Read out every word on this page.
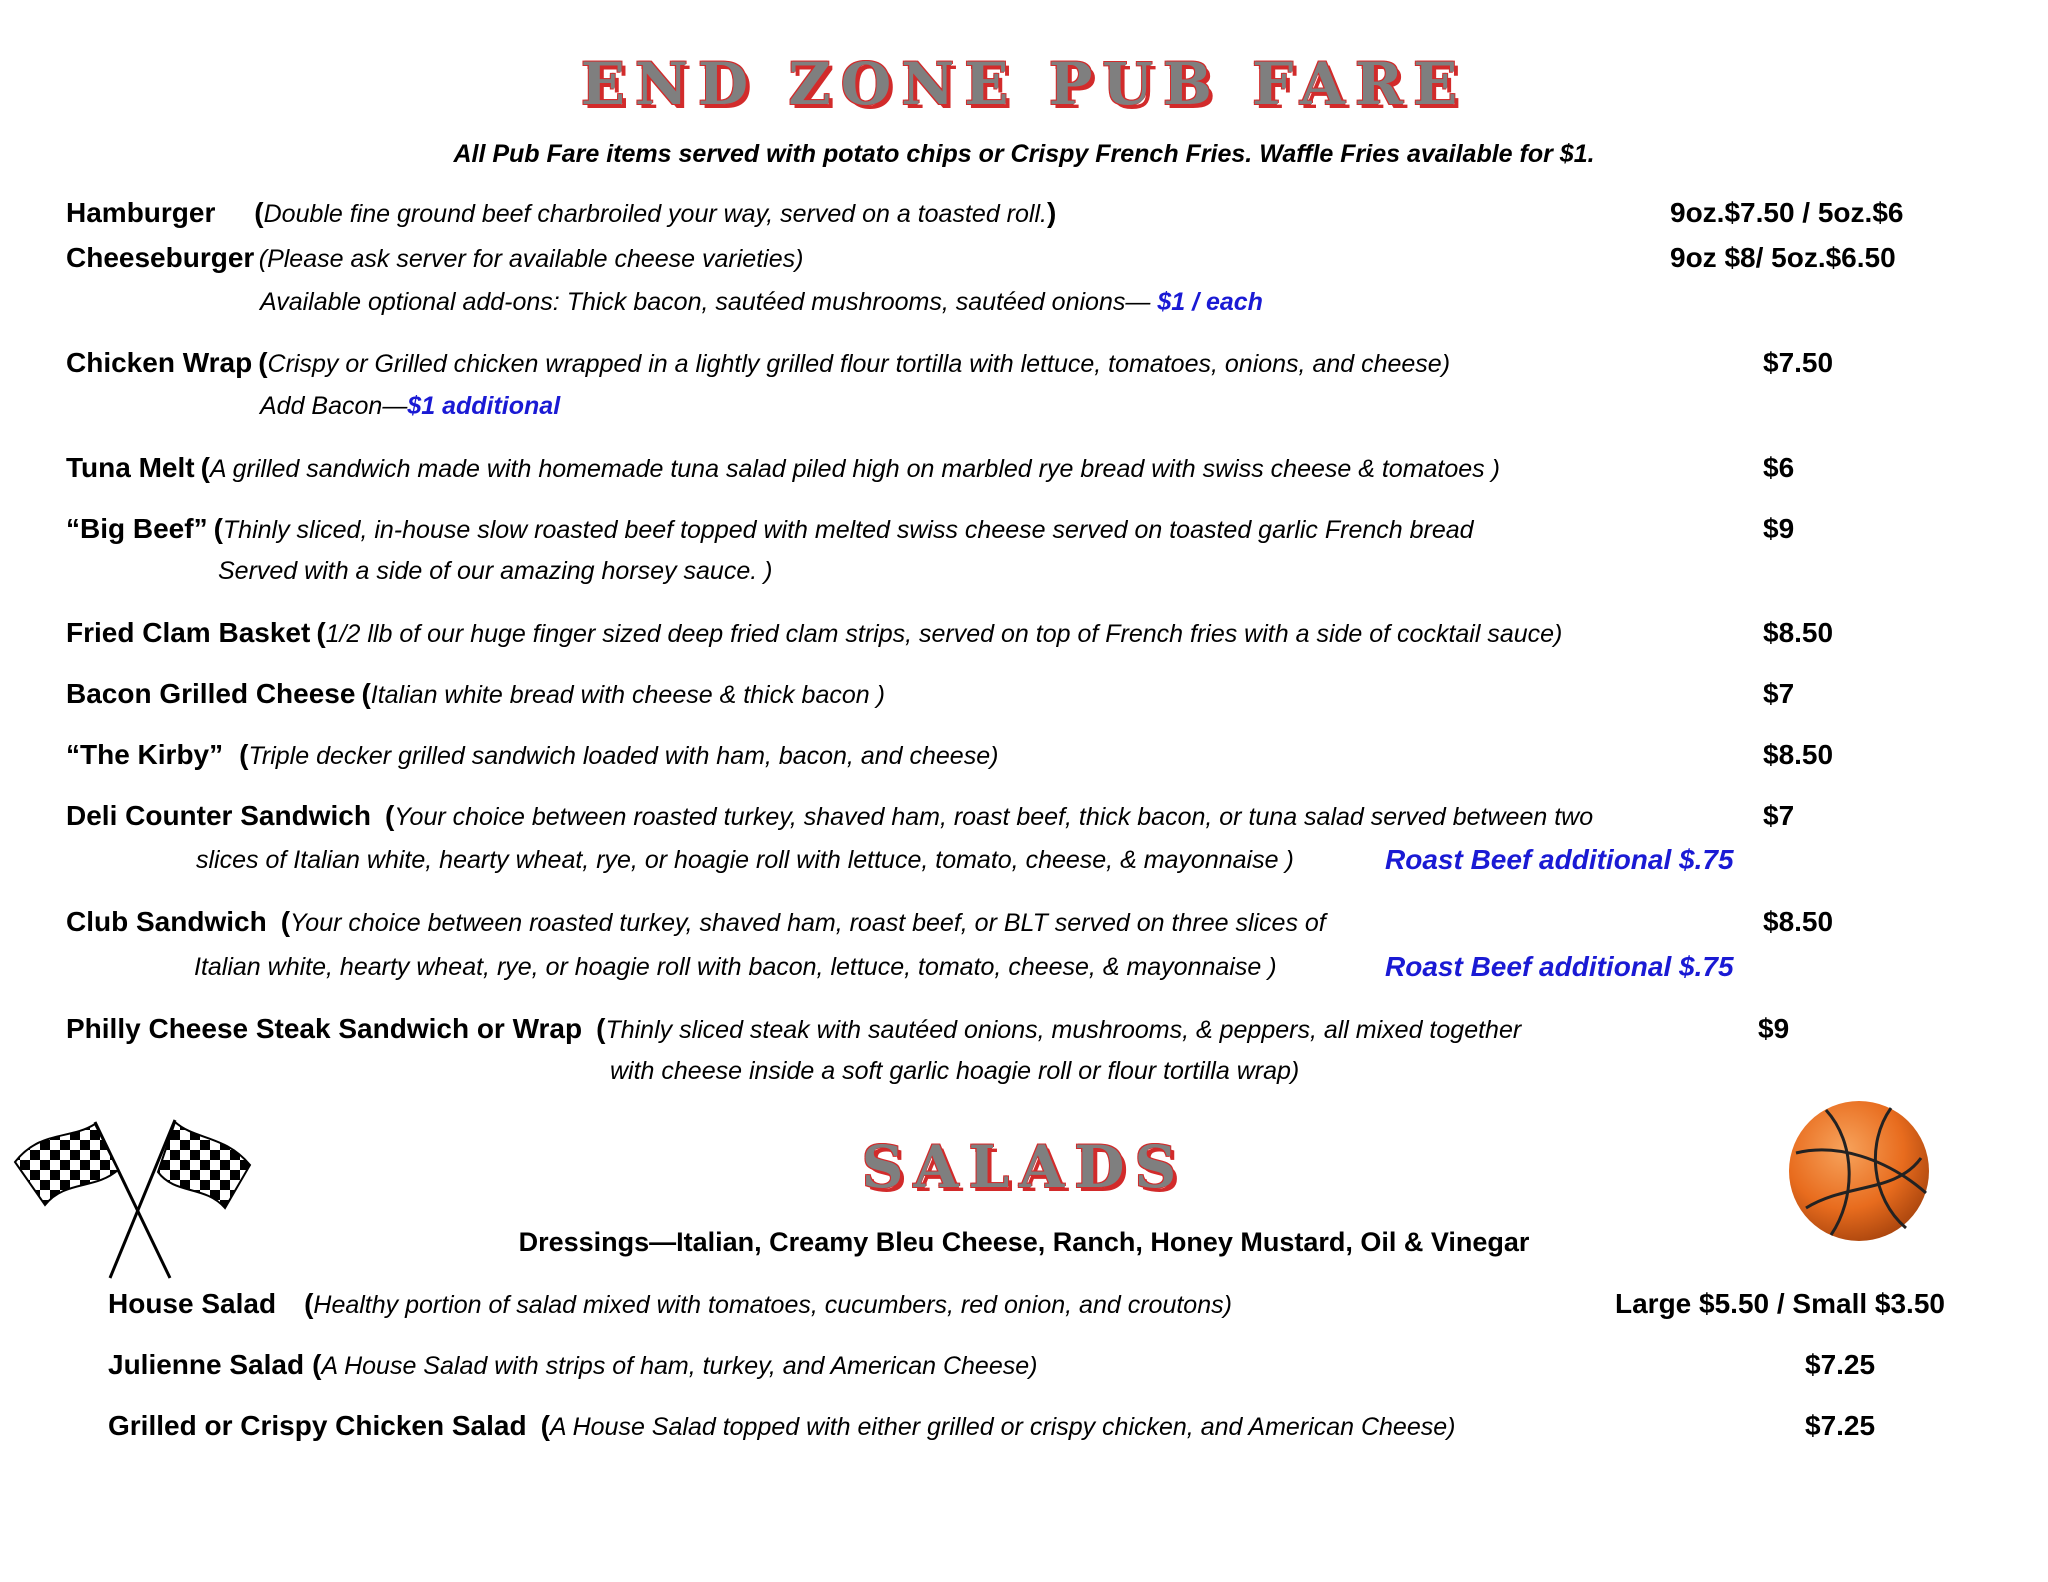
END ZONE PUB FARE
All Pub Fare items served with potato chips or Crispy French Fries. Waffle Fries available for $1.
Hamburger (Double fine ground beef charbroiled your way, served on a toasted roll.)	9oz.$7.50 / 5oz.$6
Cheeseburger (Please ask server for available cheese varieties)	9oz $8/ 5oz.$6.50
Available optional add-ons: Thick bacon, sautéed mushrooms, sautéed onions— $1 / each
Chicken Wrap (Crispy or Grilled chicken wrapped in a lightly grilled flour tortilla with lettuce, tomatoes, onions, and cheese)	$7.50
Add Bacon—$1 additional
Tuna Melt (A grilled sandwich made with homemade tuna salad piled high on marbled rye bread with swiss cheese & tomatoes )	$6
“Big Beef” (Thinly sliced, in-house slow roasted beef topped with melted swiss cheese served on toasted garlic French bread	$9
Served with a side of our amazing horsey sauce. )
Fried Clam Basket (1/2 llb of our huge finger sized deep fried clam strips, served on top of French fries with a side of cocktail sauce)	$8.50
Bacon Grilled Cheese (Italian white bread with cheese & thick bacon )	$7
“The Kirby” (Triple decker grilled sandwich loaded with ham, bacon, and cheese)	$8.50
Deli Counter Sandwich (Your choice between roasted turkey, shaved ham, roast beef, thick bacon, or tuna salad served between two	$7
slices of Italian white, hearty wheat, rye, or hoagie roll with lettuce, tomato, cheese, & mayonnaise )	Roast Beef additional $.75
Club Sandwich (Your choice between roasted turkey, shaved ham, roast beef, or BLT served on three slices of	$8.50
Italian white, hearty wheat, rye, or hoagie roll with bacon, lettuce, tomato, cheese, & mayonnaise )	Roast Beef additional $.75
Philly Cheese Steak Sandwich or Wrap (Thinly sliced steak with sautéed onions, mushrooms, & peppers, all mixed together	$9
with cheese inside a soft garlic hoagie roll or flour tortilla wrap)
SALADS
Dressings—Italian, Creamy Bleu Cheese, Ranch, Honey Mustard, Oil & Vinegar
House Salad (Healthy portion of salad mixed with tomatoes, cucumbers, red onion, and croutons)	Large $5.50 / Small $3.50
Julienne Salad (A House Salad with strips of ham, turkey, and American Cheese)	$7.25
Grilled or Crispy Chicken Salad (A House Salad topped with either grilled or crispy chicken, and American Cheese)	$7.25
